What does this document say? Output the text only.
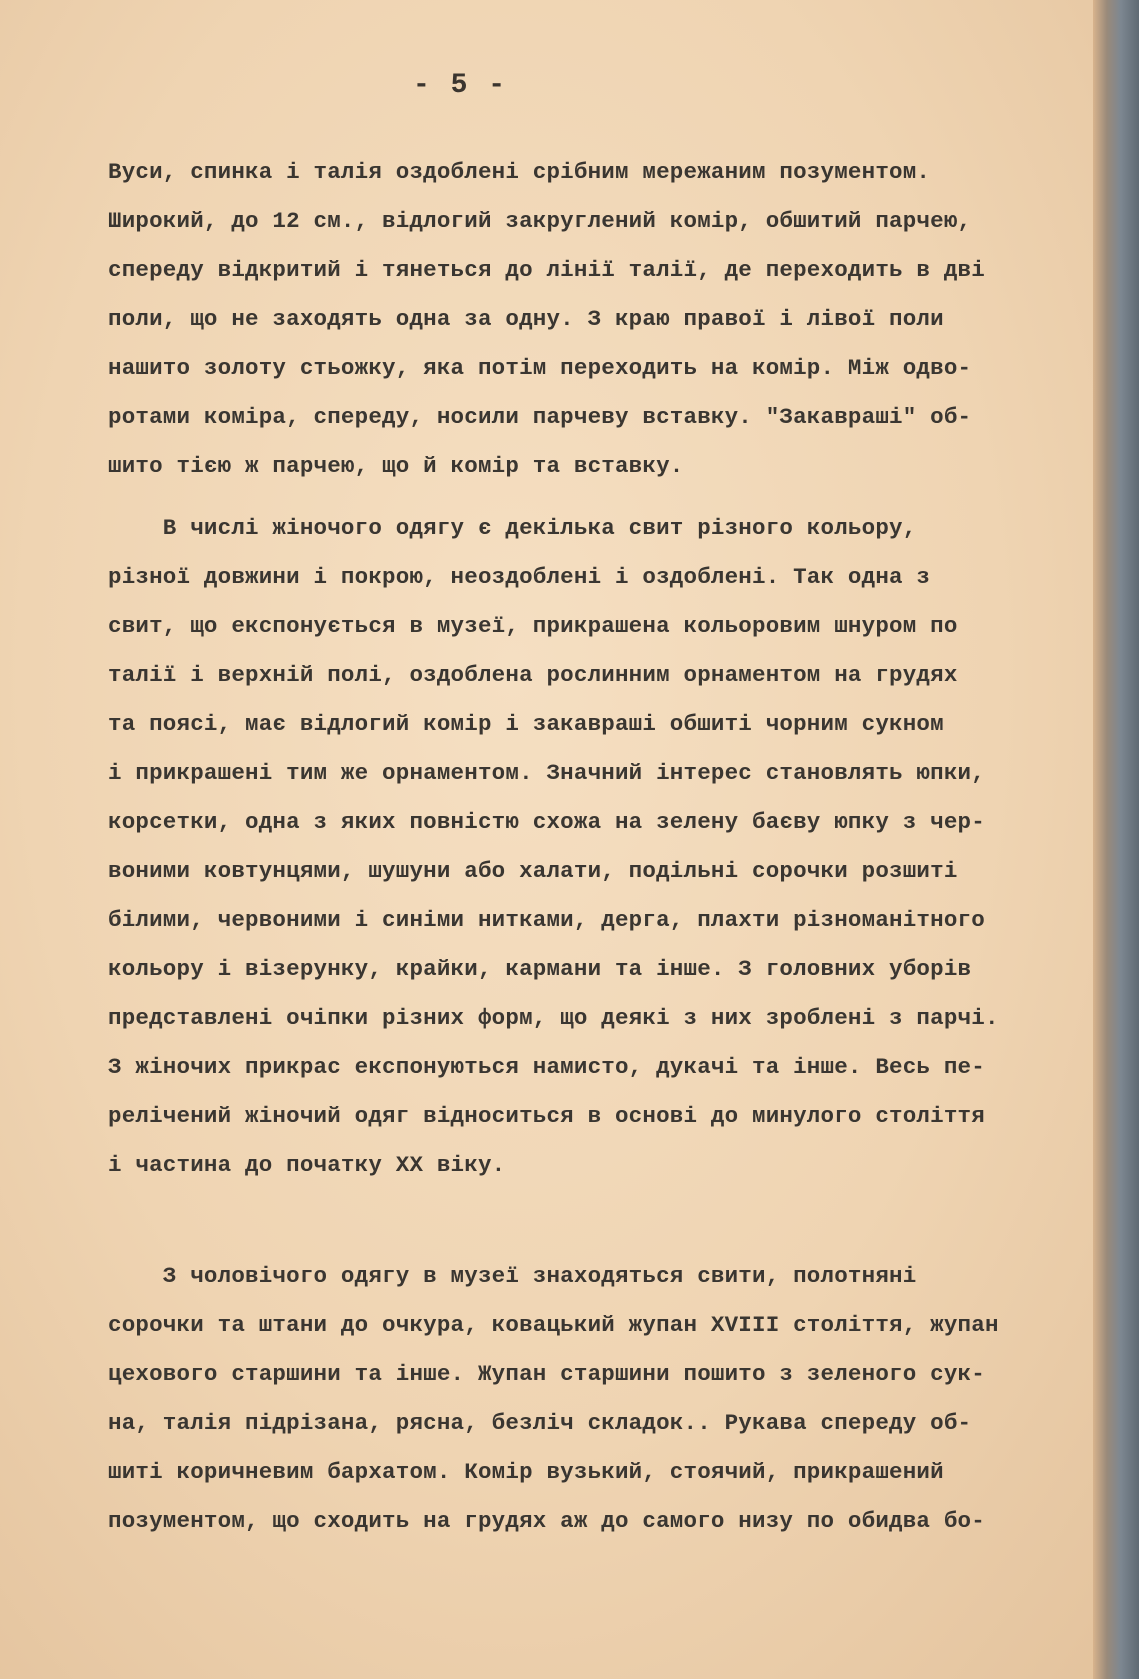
- 5 -
Вуси, спинка і талія оздоблені срібним мережаним позументом.
Широкий, до 12 см., відлогий закруглений комір, обшитий парчею,
спереду відкритий і тянеться до лінії талії, де переходить в дві
поли, що не заходять одна за одну. З краю правої і лівої поли
нашито золоту стьожку, яка потім переходить на комір. Між одво-
ротами коміра, спереду, носили парчеву вставку. "Закавраші" об-
шито тією ж парчею, що й комір та вставку.
В числі жіночого одягу є декілька свит різного кольору,
різної довжини і покрою, неоздоблені і оздоблені. Так одна з
свит, що експонується в музеї, прикрашена кольоровим шнуром по
талії і верхній полі, оздоблена рослинним орнаментом на грудях
та поясі, має відлогий комір і закавраші обшиті чорним сукном
і прикрашені тим же орнаментом. Значний інтерес становлять юпки,
корсетки, одна з яких повністю схожа на зелену баєву юпку з чер-
воними ковтунцями, шушуни або халати, подільні сорочки розшиті
білими, червоними і синіми нитками, дерга, плахти різноманітного
кольору і візерунку, крайки, кармани та інше. З головних уборів
представлені очіпки різних форм, що деякі з них зроблені з парчі.
З жіночих прикрас експонуються намисто, дукачі та інше. Весь пе-
релічений жіночий одяг відноситься в основі до минулого століття
і частина до початку XX віку.
З чоловічого одягу в музеї знаходяться свити, полотняні
сорочки та штани до очкура, ковацький жупан XVIII століття, жупан
цехового старшини та інше. Жупан старшини пошито з зеленого сук-
на, талія підрізана, рясна, безліч складок.. Рукава спереду об-
шиті коричневим бархатом. Комір вузький, стоячий, прикрашений
позументом, що сходить на грудях аж до самого низу по обидва бо-
